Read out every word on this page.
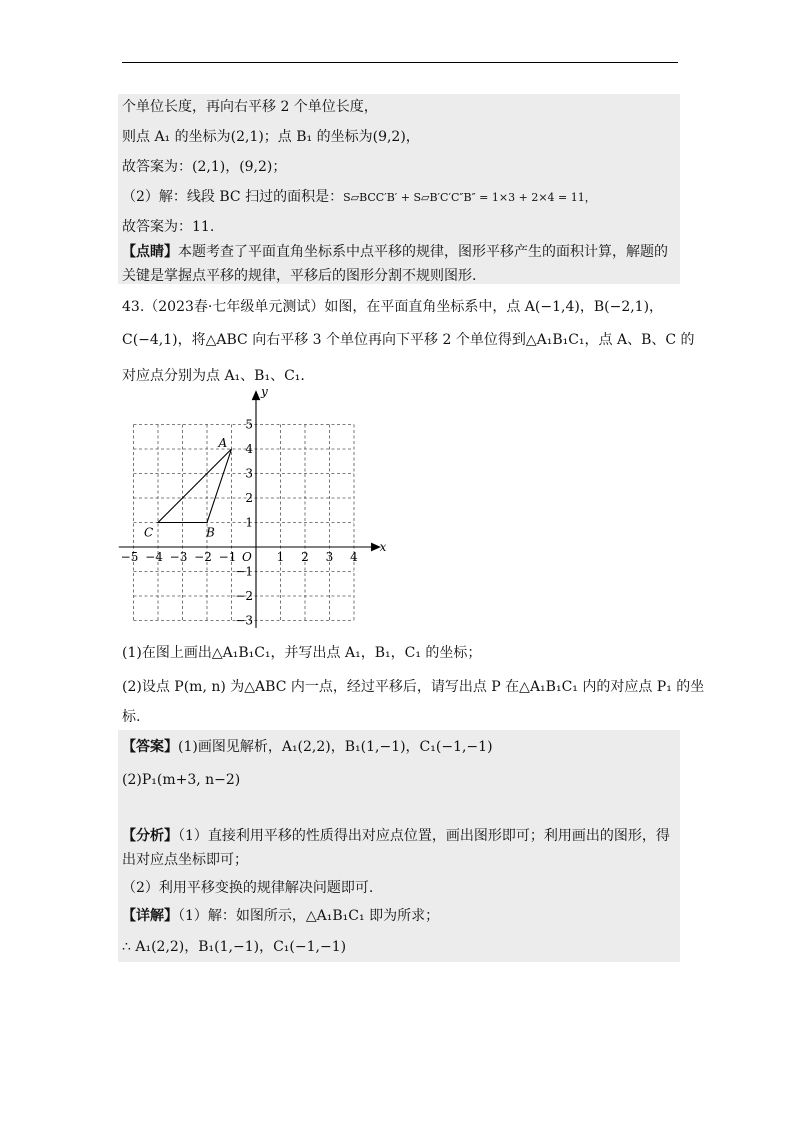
个单位长度，再向右平移 2 个单位长度，
则点 A₁ 的坐标为(2,1)；点 B₁ 的坐标为(9,2)，
故答案为：(2,1)，(9,2)；
（2）解：线段 BC 扫过的面积是：S▱BCC′B′ + S▱B′C′C″B″ = 1×3 + 2×4 = 11，
故答案为：11.
【点睛】本题考查了平面直角坐标系中点平移的规律，图形平移产生的面积计算，解题的
关键是掌握点平移的规律，平移后的图形分割不规则图形.
43.（2023春·七年级单元测试）如图，在平面直角坐标系中，点 A(−1,4)，B(−2,1)，
C(−4,1)，将△ABC 向右平移 3 个单位再向下平移 2 个单位得到△A₁B₁C₁，点 A、B、C 的
对应点分别为点 A₁、B₁、C₁.
−5 −4 −3 −2 −1	1 2 3 4
5
4
3
2
1
−1
−2
−3
x
y
O
A
B
C
(1)在图上画出△A₁B₁C₁，并写出点 A₁，B₁，C₁ 的坐标；
(2)设点 P(m, n) 为△ABC 内一点，经过平移后，请写出点 P 在△A₁B₁C₁ 内的对应点 P₁ 的坐
标.
【答案】(1)画图见解析，A₁(2,2)，B₁(1,−1)，C₁(−1,−1)
(2)P₁(m+3, n−2)
【分析】（1）直接利用平移的性质得出对应点位置，画出图形即可；利用画出的图形，得
出对应点坐标即可；
（2）利用平移变换的规律解决问题即可.
【详解】（1）解：如图所示，△A₁B₁C₁ 即为所求；
∴ A₁(2,2)，B₁(1,−1)，C₁(−1,−1)
